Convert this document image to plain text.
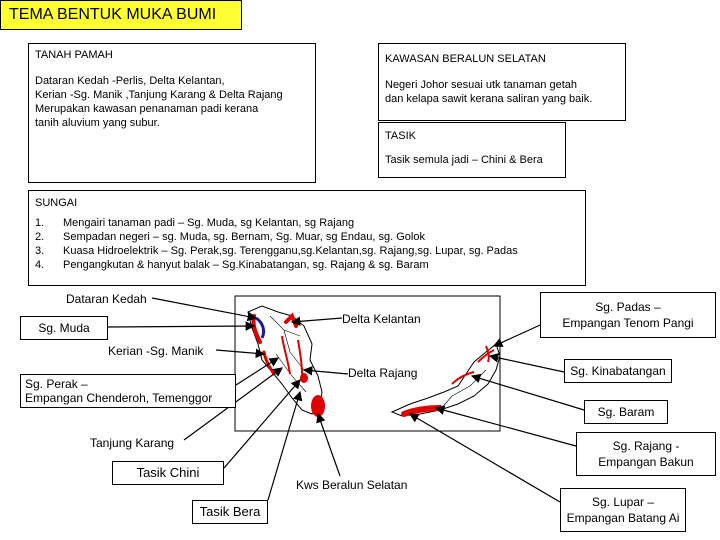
TEMA BENTUK MUKA BUMI
TANAH PAMAH
Dataran Kedah -Perlis, Delta Kelantan,
Kerian -Sg. Manik ,Tanjung Karang & Delta Rajang
Merupakan kawasan penanaman padi kerana
tanih aluvium yang subur.
KAWASAN BERALUN SELATAN
Negeri Johor sesuai utk tanaman getah
dan kelapa sawit kerana saliran yang baik.
TASIK
Tasik semula jadi – Chini & Bera
SUNGAI
1.	Mengairi tanaman padi – Sg. Muda, sg Kelantan, sg Rajang
2.	Sempadan negeri – sg. Muda, sg. Bernam, Sg. Muar, sg Endau, sg. Golok
3.	Kuasa Hidroelektrik – Sg. Perak,sg. Terengganu,sg.Kelantan,sg. Rajang,sg. Lupar, sg. Padas
4.	Pengangkutan & hanyut balak – Sg.Kinabatangan, sg. Rajang & sg. Baram
Dataran Kedah
Delta Kelantan
Sg. Muda
Kerian -Sg. Manik
Delta Rajang
Sg. Perak –
Empangan Chenderoh, Temenggor
Tanjung Karang
Tasik Chini
Kws Beralun Selatan
Tasik Bera
Sg. Padas –
Empangan Tenom Pangi
Sg. Kinabatangan
Sg. Baram
Sg. Rajang -
Empangan Bakun
Sg. Lupar –
Empangan Batang Ai
